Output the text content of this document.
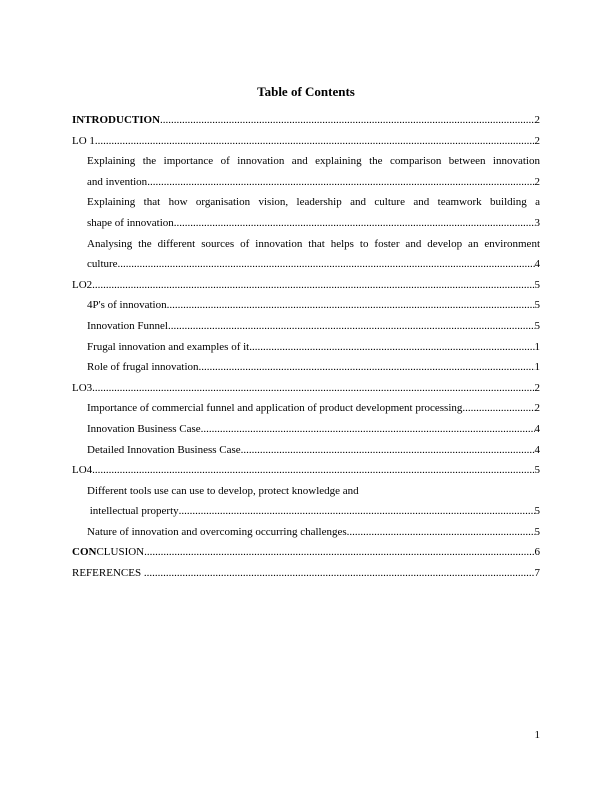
Table of Contents
INTRODUCTION .....	2
LO 1 .....	2
Explaining the importance of innovation and explaining the comparison between innovation
and invention .....	2
Explaining that how organisation vision, leadership and culture and teamwork building a
shape of innovation .....	3
Analysing the different sources of innovation that helps to foster and develop an environment
culture .....	4
LO2 .....	5
4P's of innovation .....	5
Innovation Funnel .....	5
Frugal innovation and examples of it .....	1
Role of frugal innovation .....	1
LO3 .....	2
Importance of commercial funnel and application of product development processing .....	2
Innovation Business Case .....	4
Detailed Innovation Business Case .....	4
LO4 .....	5
Different tools use can use to develop, protect knowledge and
intellectual property .....	5
Nature of innovation and overcoming occurring challenges .....	5
CONCLUSION .....	6
REFERENCES .....	7
1
